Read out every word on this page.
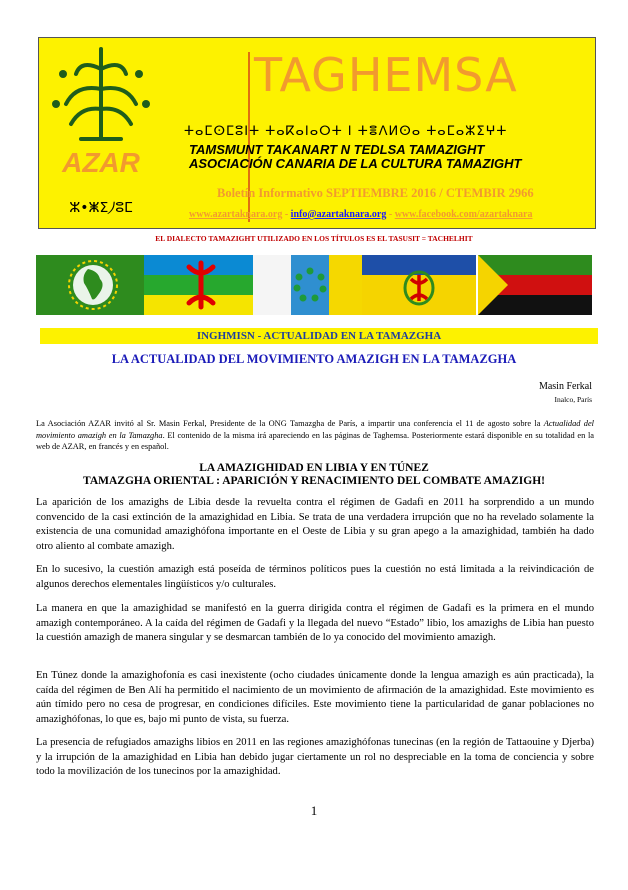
AZAR
ⵣ•ⵥⵉ⵰ⵓⵎ
TAGHEMSA
ⵜⴰⵎⵙⵎⵓⵏⵜ ⵜⴰⴽⴰⵏⴰⵔⵜ ⵏ ⵜⴻⴷⵍⵙⴰ ⵜⴰⵎⴰⵣⵉⵖⵜ
TAMSMUNT TAKANART N TEDLSA TAMAZIGHT
ASOCIACIÓN CANARIA DE LA CULTURA TAMAZIGHT
Boletín Informativo SEPTIEMBRE 2016 / CTEMBIR 2966
www.azartaknara.org - info@azartaknara.org - www.facebook.com/azartaknara
EL DIALECTO TAMAZIGHT UTILIZADO EN LOS TÍTULOS ES EL TASUSIT = TACHELHIT
INGHMISN - ACTUALIDAD EN LA TAMAZGHA
LA ACTUALIDAD DEL MOVIMIENTO AMAZIGH EN LA TAMAZGHA
Masin Ferkal
Inalco, París
La Asociación AZAR invitó al Sr. Masin Ferkal, Presidente de la ONG Tamazgha de París, a impartir una conferencia el 11 de agosto sobre la Actualidad del movimiento amazigh en la Tamazgha. El contenido de la misma irá apareciendo en las páginas de Taghemsa. Posteriormente estará disponible en su totalidad en la web de AZAR, en francés y en español.
LA AMAZIGHIDAD EN LIBIA Y EN TÚNEZ
TAMAZGHA ORIENTAL : APARICIÓN Y RENACIMIENTO DEL COMBATE AMAZIGH!
La aparición de los amazighs de Libia desde la revuelta contra el régimen de Gadafi en 2011 ha sorprendido a un mundo convencido de la casi extinción de la amazighidad en Libia. Se trata de una verdadera irrupción que no ha revelado solamente la existencia de una comunidad amazighófona importante en el Oeste de Libia y su gran apego a la amazighidad, también ha dado otro aliento al combate amazigh.
En lo sucesivo, la cuestión amazigh está poseída de términos políticos pues la cuestión no está limitada a la reivindicación de algunos derechos elementales lingüísticos y/o culturales.
La manera en que la amazighidad se manifestó en la guerra dirigida contra el régimen de Gadafi es la primera en el mundo amazigh contemporáneo. A la caída del régimen de Gadafi y la llegada del nuevo “Estado” libio, los amazighs de Libia han puesto la cuestión amazigh de manera singular y se desmarcan también de lo ya conocido del movimiento amazigh.
En Túnez donde la amazighofonía es casi inexistente (ocho ciudades únicamente donde la lengua amazigh es aún practicada), la caída del régimen de Ben Alí ha permitido el nacimiento de un movimiento de afirmación de la amazighidad. Este movimiento es aún tímido pero no cesa de progresar, en condiciones difíciles. Este movimiento tiene la particularidad de ganar poblaciones no amazighófonas, lo que es, bajo mi punto de vista, su fuerza.
La presencia de refugiados amazighs libios en 2011 en las regiones amazighófonas tunecinas (en la región de Tattaouine y Djerba) y la irrupción de la amazighidad en Libia han debido jugar ciertamente un rol no despreciable en la toma de conciencia y sobre todo la movilización de los tunecinos por la amazighidad.
1
